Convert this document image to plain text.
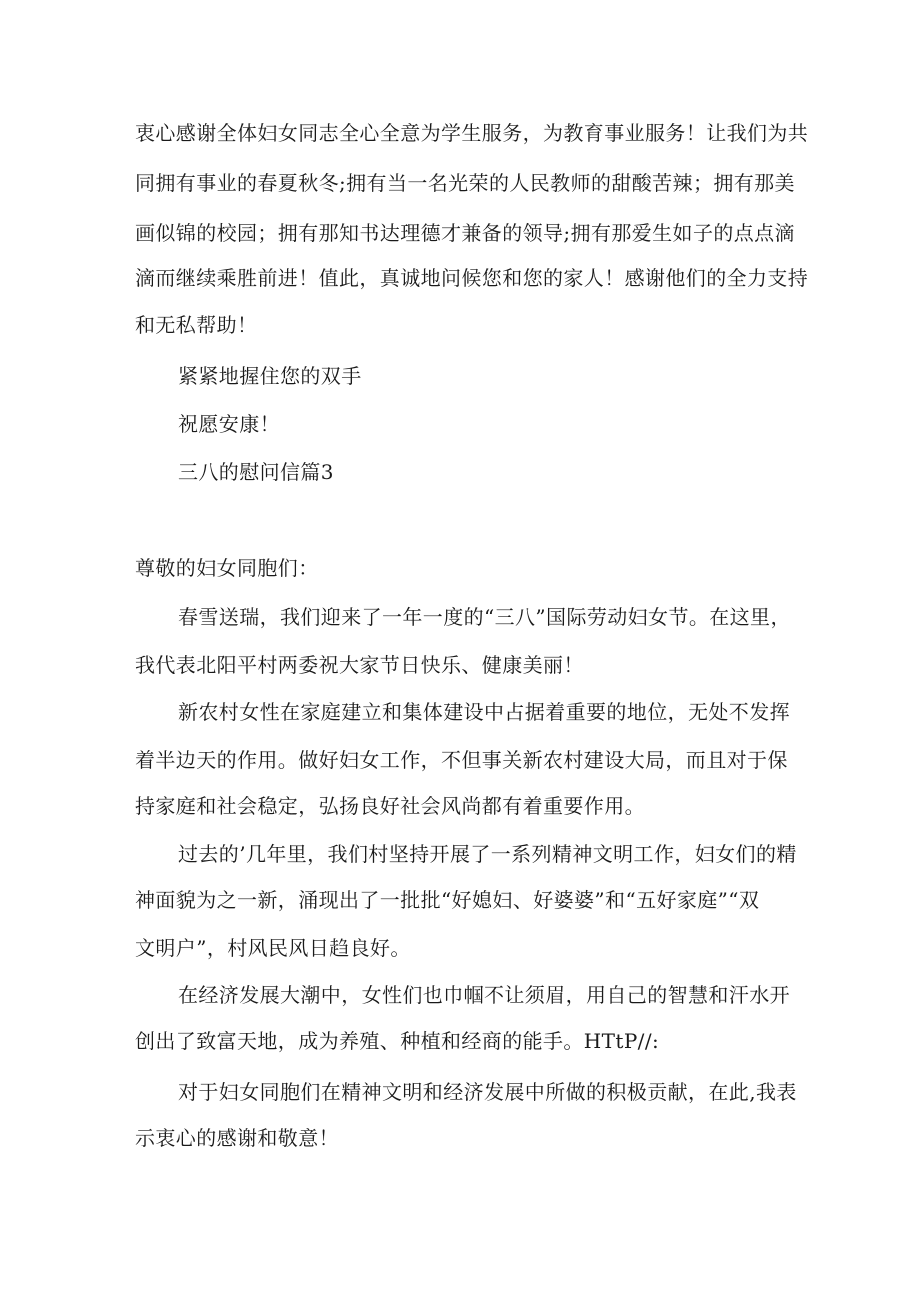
衷心感谢全体妇女同志全心全意为学生服务，为教育事业服务！让我们为共
同拥有事业的春夏秋冬;拥有当一名光荣的人民教师的甜酸苦辣；拥有那美
画似锦的校园；拥有那知书达理德才兼备的领导;拥有那爱生如子的点点滴
滴而继续乘胜前进！值此，真诚地问候您和您的家人！感谢他们的全力支持
和无私帮助！
紧紧地握住您的双手
祝愿安康！
三八的慰问信篇3
尊敬的妇女同胞们：
春雪送瑞，我们迎来了一年一度的“三八”国际劳动妇女节。在这里，
我代表北阳平村两委祝大家节日快乐、健康美丽！
新农村女性在家庭建立和集体建设中占据着重要的地位，无处不发挥
着半边天的作用。做好妇女工作，不但事关新农村建设大局，而且对于保
持家庭和社会稳定，弘扬良好社会风尚都有着重要作用。
过去的’几年里，我们村坚持开展了一系列精神文明工作，妇女们的精
神面貌为之一新，涌现出了一批批“好媳妇、好婆婆”和“五好家庭”“双
文明户”，村风民风日趋良好。
在经济发展大潮中，女性们也巾帼不让须眉，用自己的智慧和汗水开
创出了致富天地，成为养殖、种植和经商的能手。HTtP//:
对于妇女同胞们在精神文明和经济发展中所做的积极贡献，在此,我表
示衷心的感谢和敬意！
